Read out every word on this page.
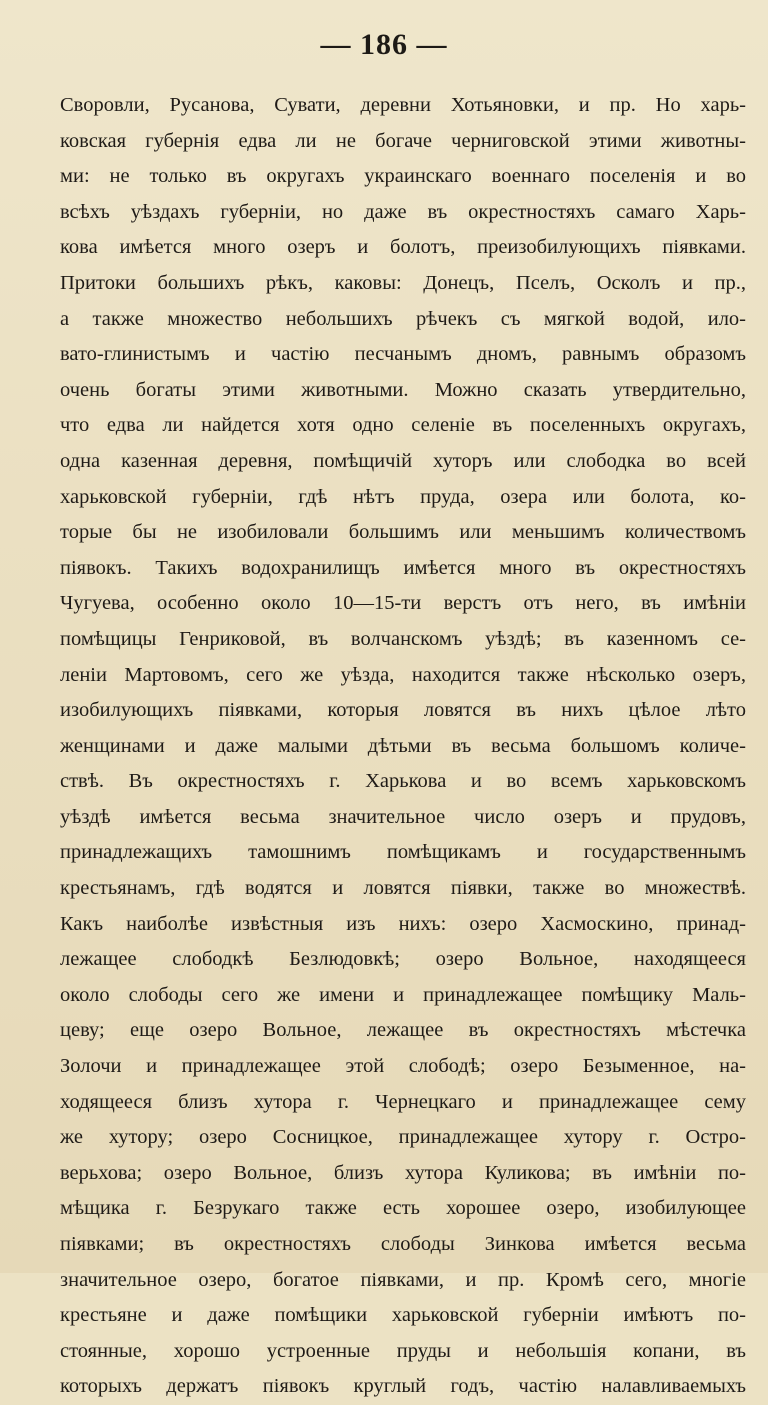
— 186 —
Своровли, Русанова, Сувати, деревни Хотьяновки, и пр. Но харь-
ковская губернія едва ли не богаче черниговской этими животны-
ми: не только въ округахъ украинскаго военнаго поселенія и во
всѣхъ уѣздахъ губерніи, но даже въ окрестностяхъ самаго Харь-
кова имѣется много озеръ и болотъ, преизобилующихъ піявками.
Притоки большихъ рѣкъ, каковы: Донецъ, Пселъ, Осколъ и пр.,
а также множество небольшихъ рѣчекъ съ мягкой водой, ило-
вато-глинистымъ и частію песчанымъ дномъ, равнымъ образомъ
очень богаты этими животными. Можно сказать утвердительно,
что едва ли найдется хотя одно селеніе въ поселенныхъ округахъ,
одна казенная деревня, помѣщичій хуторъ или слободка во всей
харьковской губерніи, гдѣ нѣтъ пруда, озера или болота, ко-
торые бы не изобиловали большимъ или меньшимъ количествомъ
піявокъ. Такихъ водохранилищъ имѣется много въ окрестностяхъ
Чугуева, особенно около 10—15-ти верстъ отъ него, въ имѣніи
помѣщицы Генриковой, въ волчанскомъ уѣздѣ; въ казенномъ се-
леніи Мартовомъ, сего же уѣзда, находится также нѣсколько озеръ,
изобилующихъ піявками, которыя ловятся въ нихъ цѣлое лѣто
женщинами и даже малыми дѣтьми въ весьма большомъ количе-
ствѣ. Въ окрестностяхъ г. Харькова и во всемъ харьковскомъ
уѣздѣ имѣется весьма значительное число озеръ и прудовъ,
принадлежащихъ тамошнимъ помѣщикамъ и государственнымъ
крестьянамъ, гдѣ водятся и ловятся піявки, также во множествѣ.
Какъ наиболѣе извѣстныя изъ нихъ: озеро Хасмоскино, принад-
лежащее слободкѣ Безлюдовкѣ; озеро Вольное, находящееся
около слободы сего же имени и принадлежащее помѣщику Маль-
цеву; еще озеро Вольное, лежащее въ окрестностяхъ мѣстечка
Золочи и принадлежащее этой слободѣ; озеро Безыменное, на-
ходящееся близъ хутора г. Чернецкаго и принадлежащее сему
же хутору; озеро Сосницкое, принадлежащее хутору г. Остро-
верьхова; озеро Вольное, близъ хутора Куликова; въ имѣніи по-
мѣщика г. Безрукаго также есть хорошее озеро, изобилующее
піявками; въ окрестностяхъ слободы Зинкова имѣется весьма
значительное озеро, богатое піявками, и пр. Кромѣ сего, многіе
крестьяне и даже помѣщики харьковской губерніи имѣютъ по-
стоянные, хорошо устроенные пруды и небольшія копани, въ
которыхъ держатъ піявокъ круглый годъ, частію налавливаемыхъ
